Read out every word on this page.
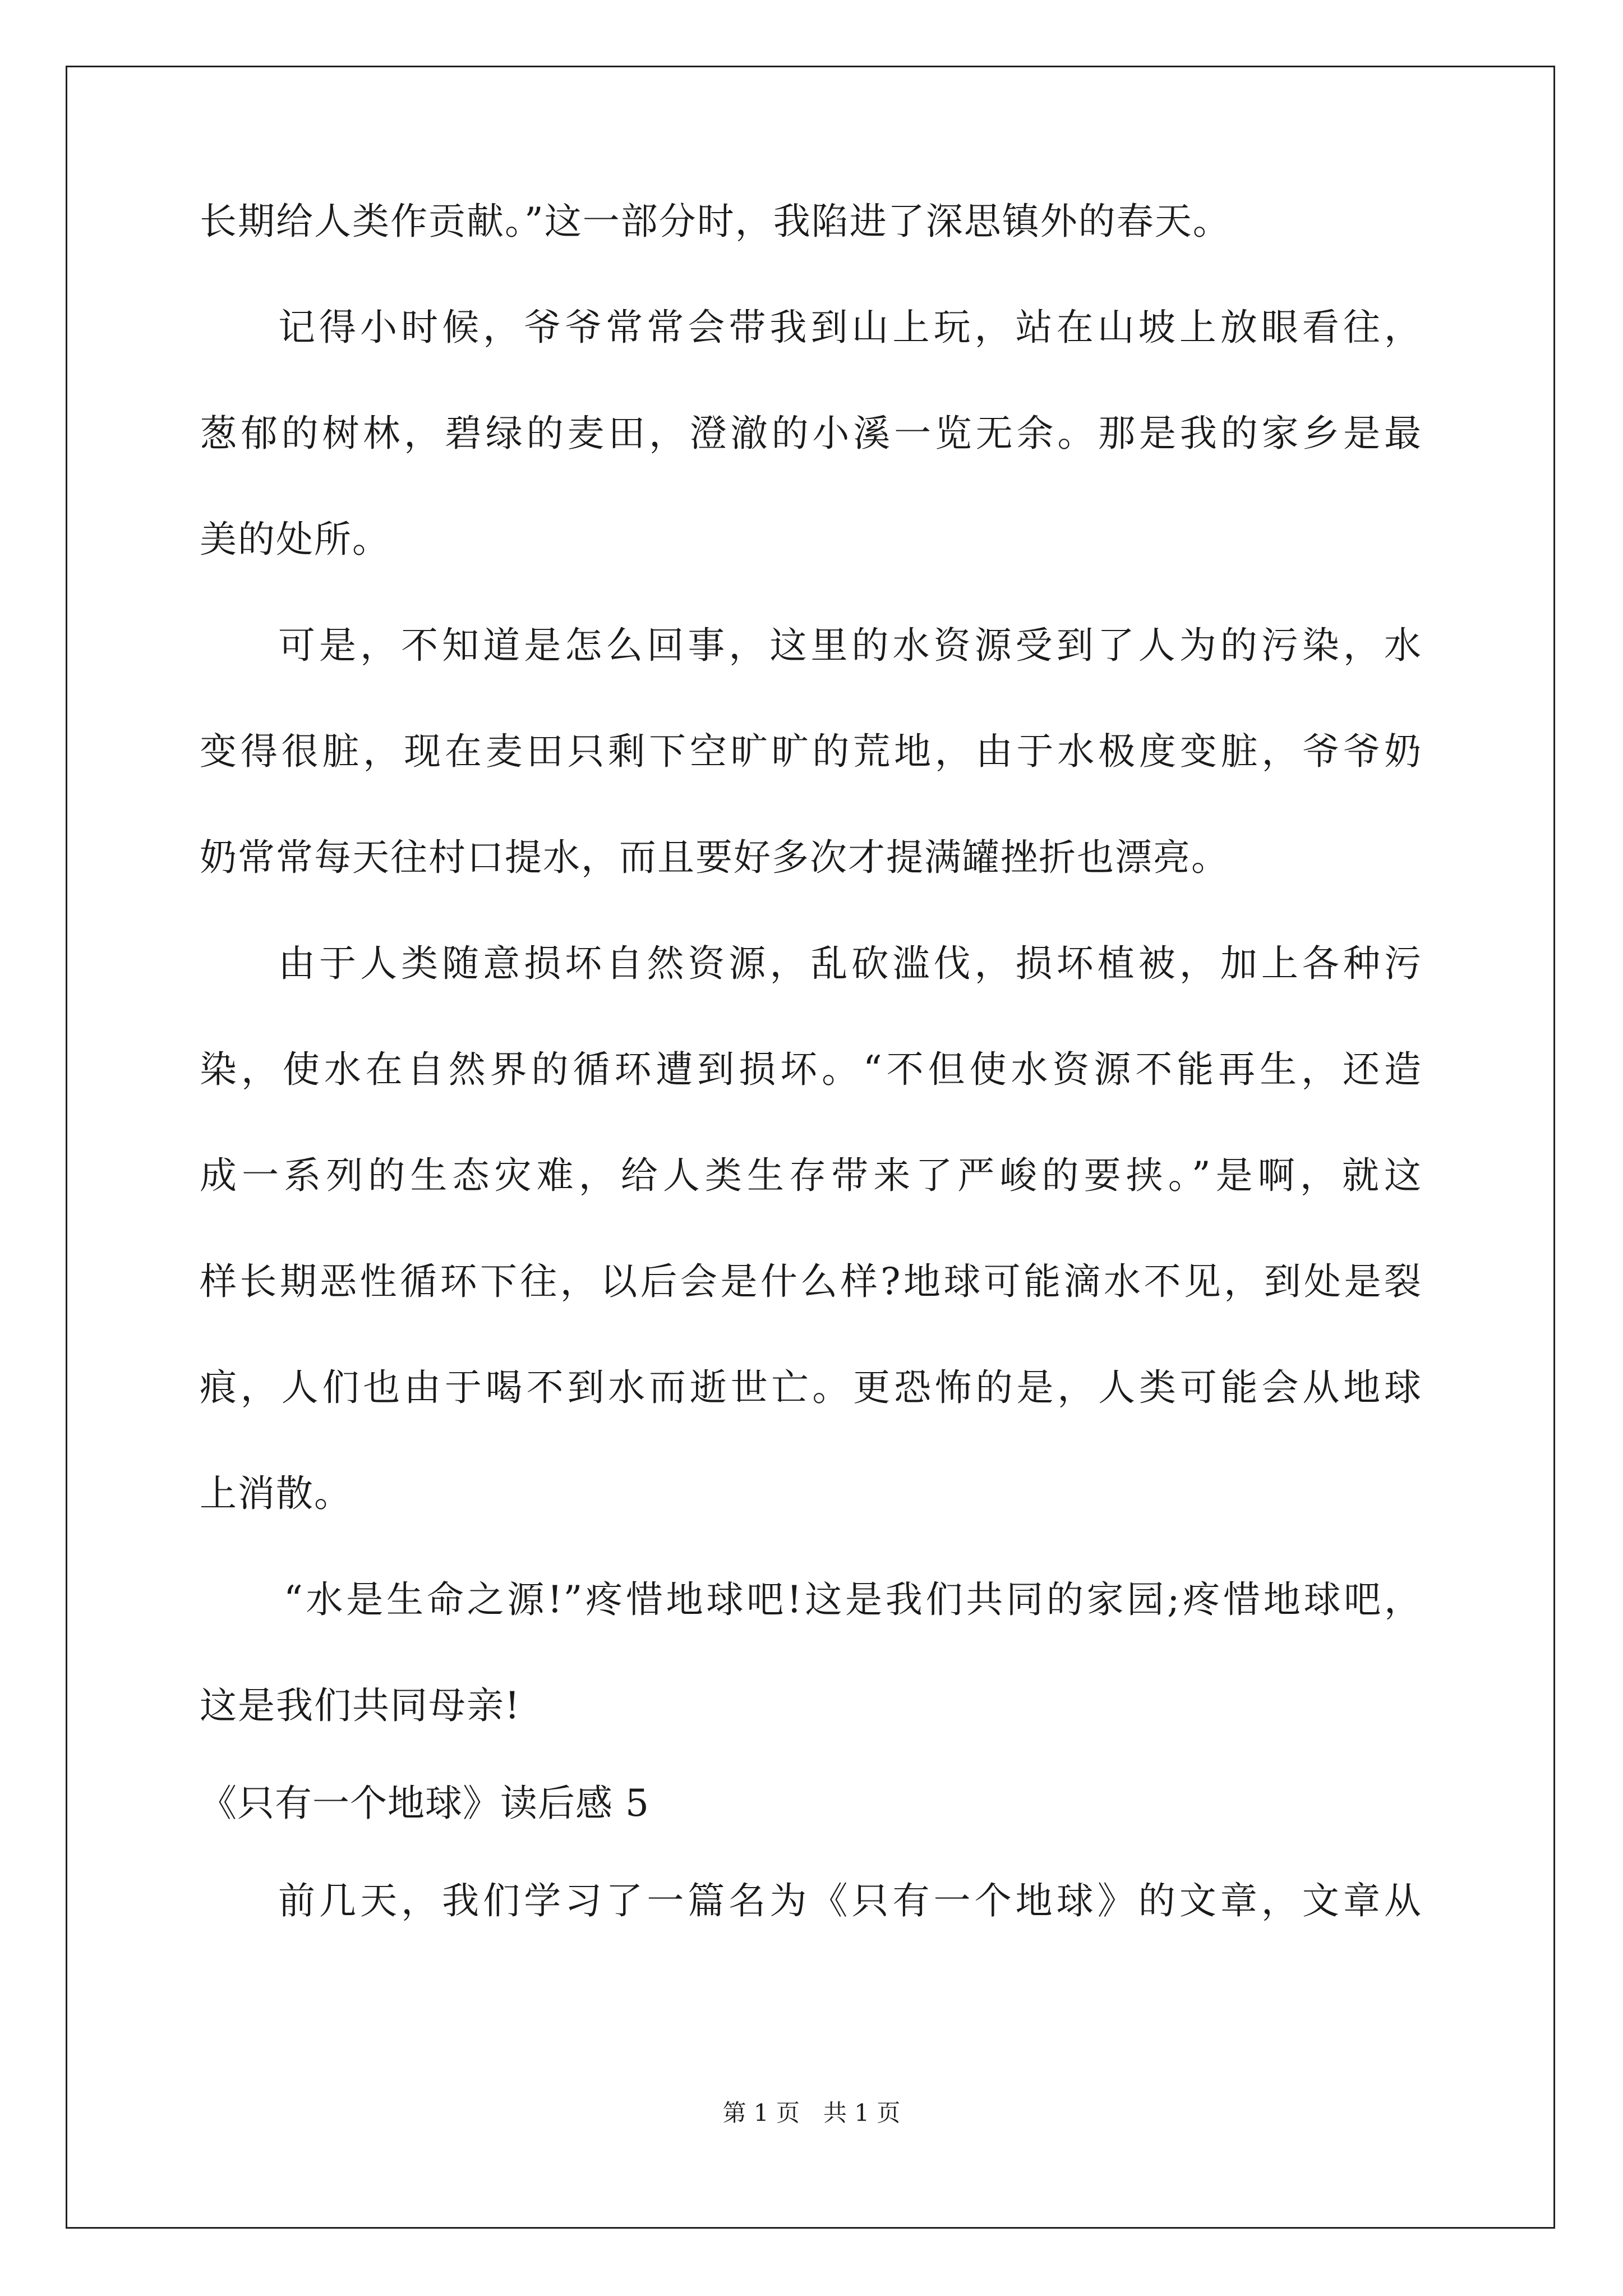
长期给人类作贡献。”这一部分时，我陷进了深思镇外的春天。
记得小时候，爷爷常常会带我到山上玩，站在山坡上放眼看往，
葱郁的树林，碧绿的麦田，澄澈的小溪一览无余。那是我的家乡是最
美的处所。
可是，不知道是怎么回事，这里的水资源受到了人为的污染，水
变得很脏，现在麦田只剩下空旷旷的荒地，由于水极度变脏，爷爷奶
奶常常每天往村口提水，而且要好多次才提满罐挫折也漂亮。
由于人类随意损坏自然资源，乱砍滥伐，损坏植被，加上各种污
染，使水在自然界的循环遭到损坏。“不但使水资源不能再生，还造
成一系列的生态灾难，给人类生存带来了严峻的要挟。”是啊，就这
样长期恶性循环下往，以后会是什么样?地球可能滴水不见，到处是裂
痕，人们也由于喝不到水而逝世亡。更恐怖的是，人类可能会从地球
上消散。
“水是生命之源!”疼惜地球吧!这是我们共同的家园;疼惜地球吧，
这是我们共同母亲!
《只有一个地球》读后感 5
前几天，我们学习了一篇名为《只有一个地球》的文章，文章从
第 1 页　共 1 页
